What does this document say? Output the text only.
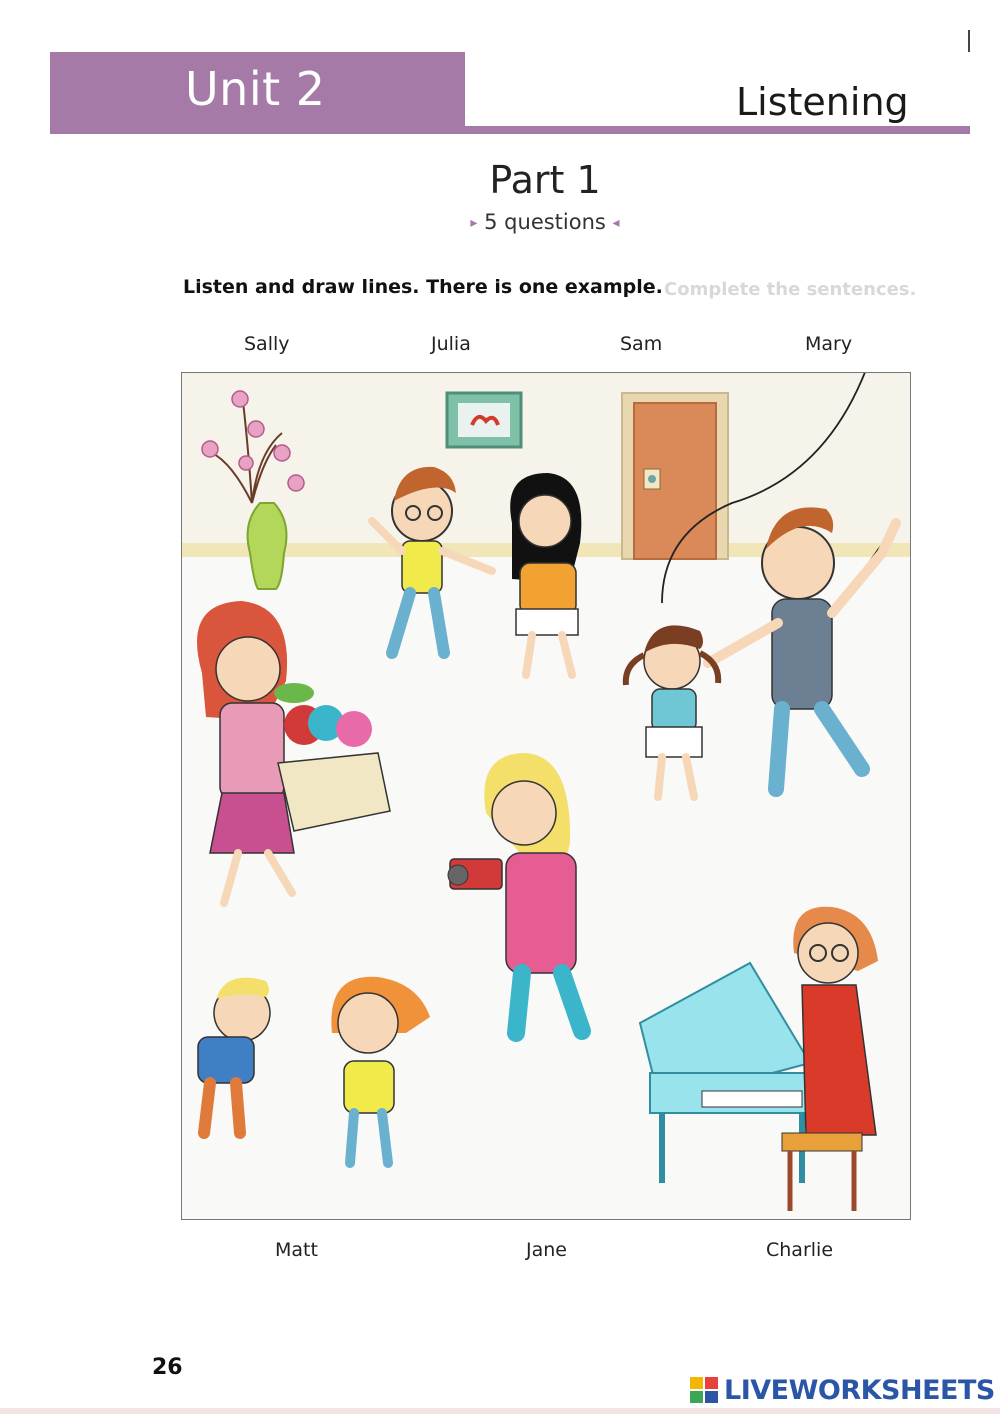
Unit 2	Listening
Part 1
▸ 5 questions ◂
Listen and draw lines. There is one example. Complete the sentences.
Sally	Julia	Sam	Mary
Matt	Jane	Charlie
26
LIVEWORKSHEETS
